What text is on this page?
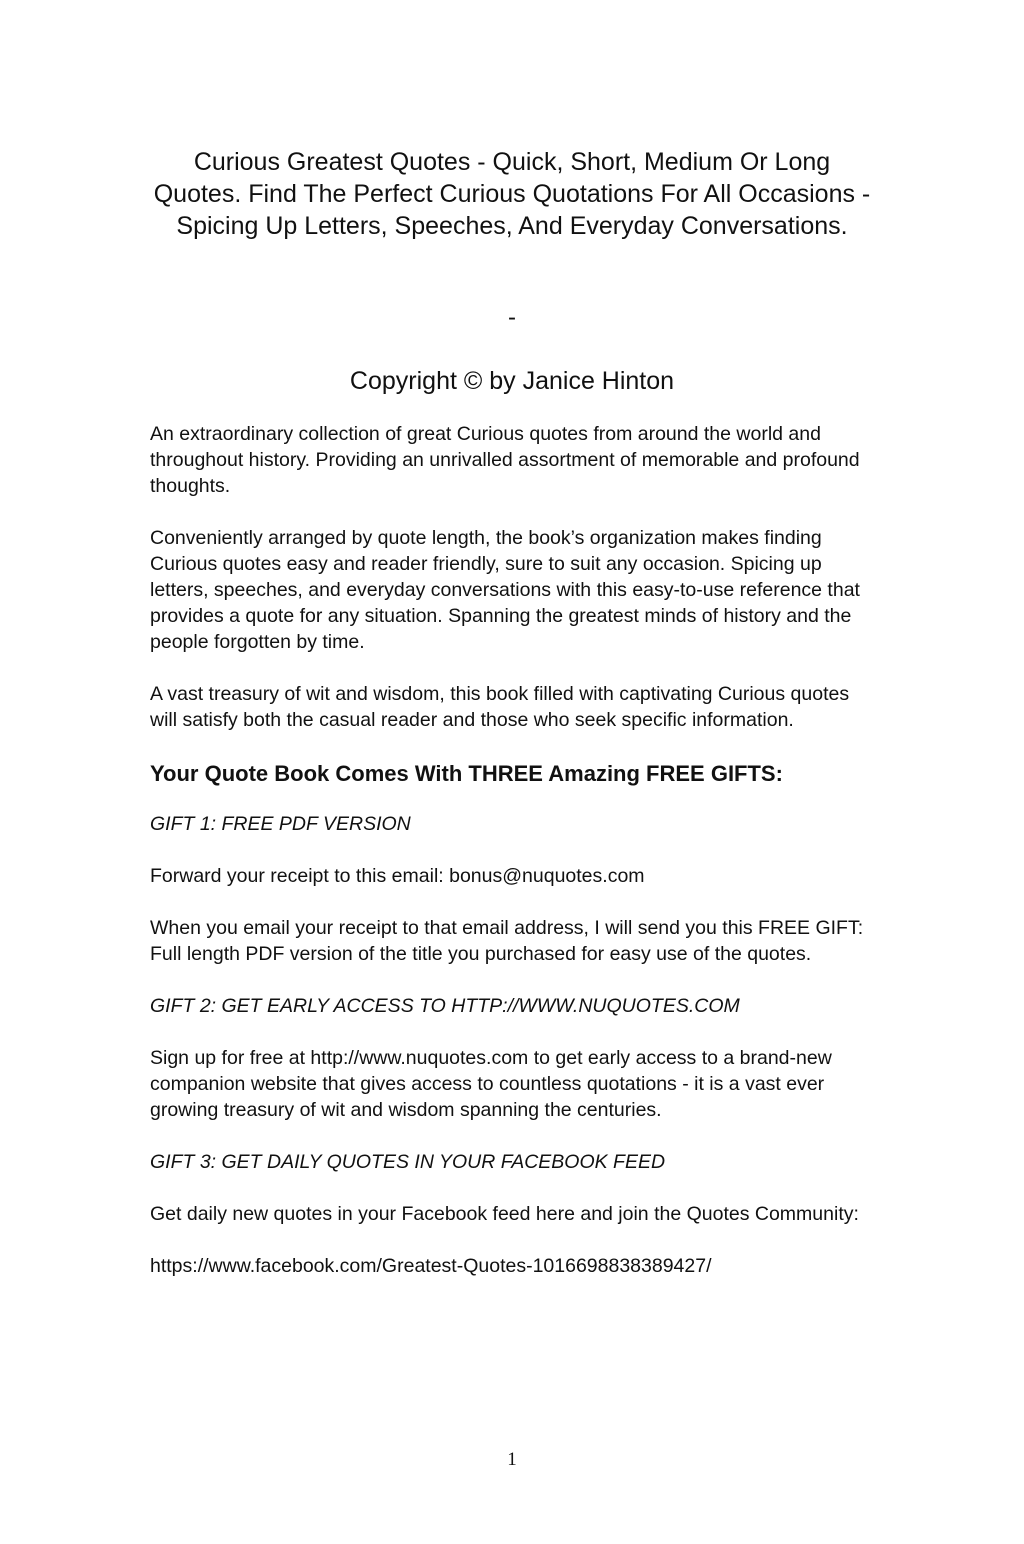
Curious Greatest Quotes - Quick, Short, Medium Or Long Quotes. Find The Perfect Curious Quotations For All Occasions - Spicing Up Letters, Speeches, And Everyday Conversations.
-
Copyright © by Janice Hinton

An extraordinary collection of great Curious quotes from around the world and throughout history. Providing an unrivalled assortment of memorable and profound thoughts.

Conveniently arranged by quote length, the book’s organization makes finding Curious quotes easy and reader friendly, sure to suit any occasion. Spicing up letters, speeches, and everyday conversations with this easy-to-use reference that provides a quote for any situation. Spanning the greatest minds of history and the people forgotten by time.

A vast treasury of wit and wisdom, this book filled with captivating Curious quotes will satisfy both the casual reader and those who seek specific information.

Your Quote Book Comes With THREE Amazing FREE GIFTS:

GIFT 1: FREE PDF VERSION

Forward your receipt to this email: bonus@nuquotes.com

When you email your receipt to that email address, I will send you this FREE GIFT: Full length PDF version of the title you purchased for easy use of the quotes.

GIFT 2: GET EARLY ACCESS TO HTTP://WWW.NUQUOTES.COM

Sign up for free at http://www.nuquotes.com to get early access to a brand-new companion website that gives access to countless quotations - it is a vast ever growing treasury of wit and wisdom spanning the centuries.

GIFT 3: GET DAILY QUOTES IN YOUR FACEBOOK FEED

Get daily new quotes in your Facebook feed here and join the Quotes Community:

https://www.facebook.com/Greatest-Quotes-1016698838389427/

1
